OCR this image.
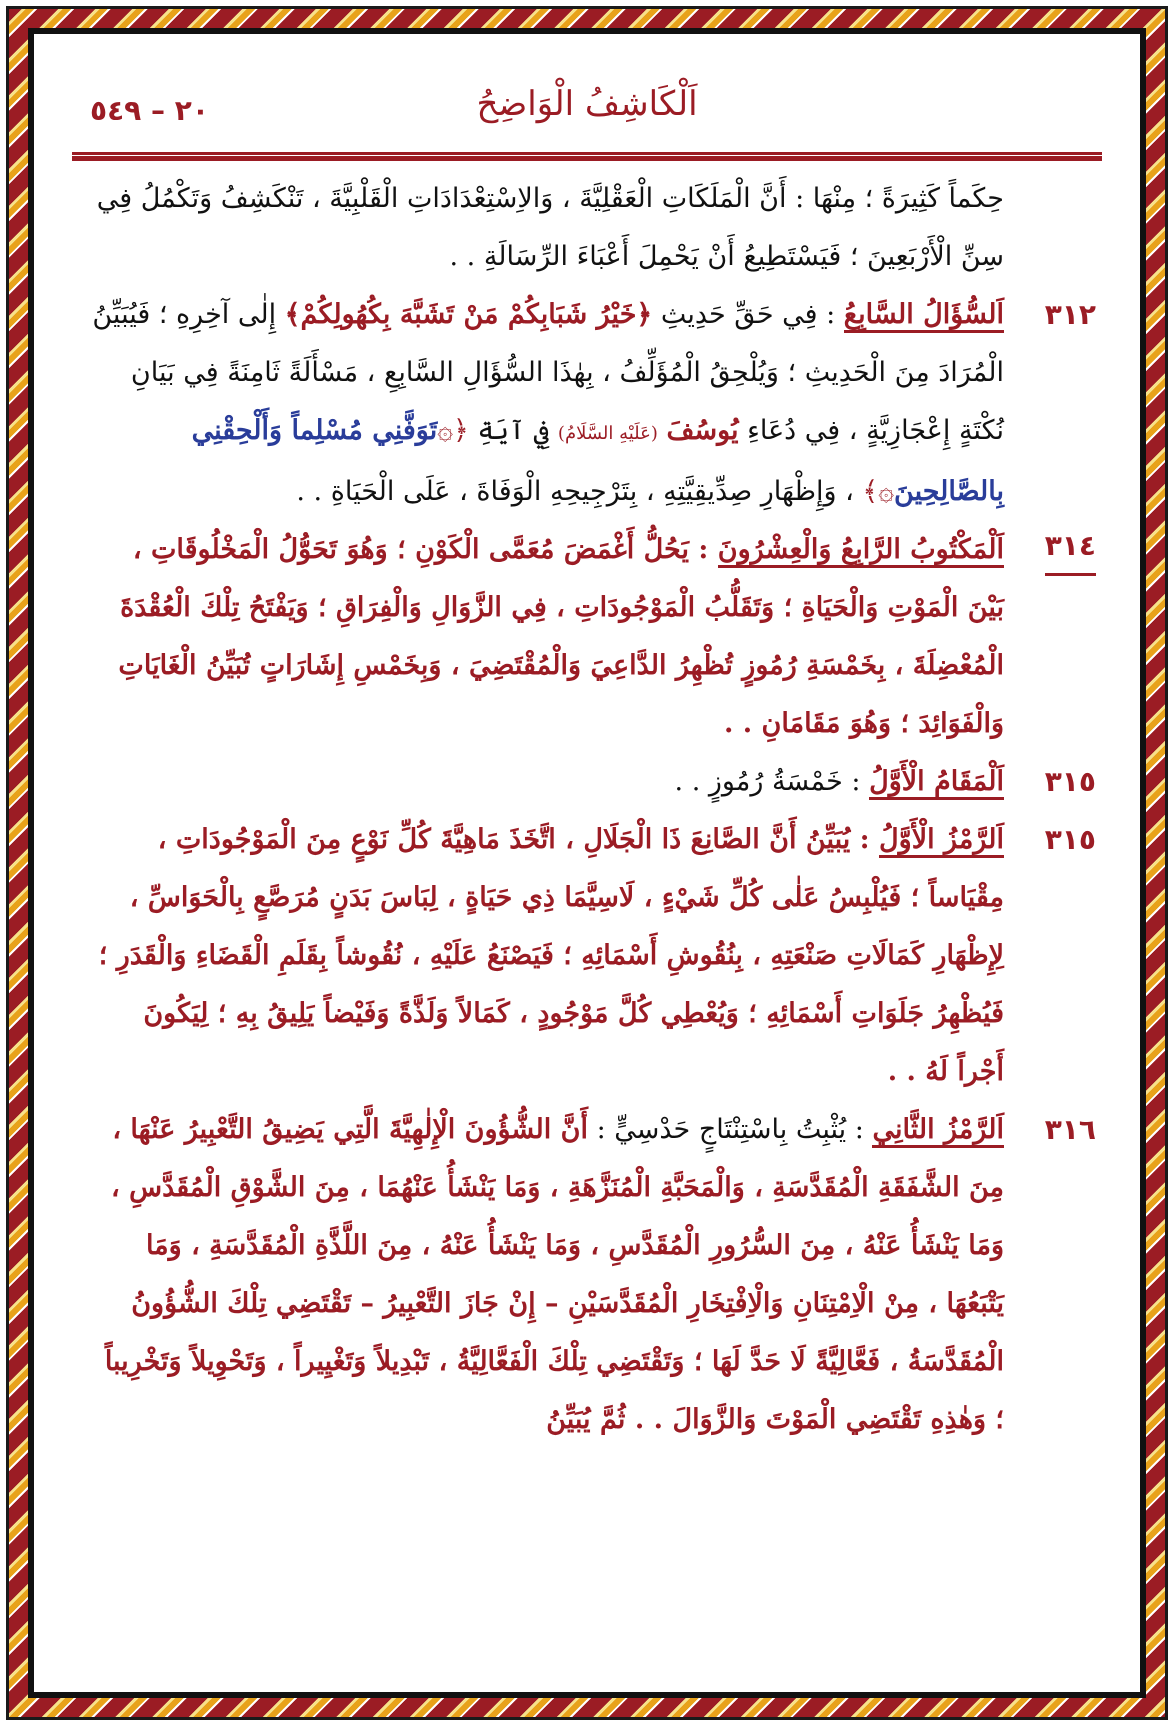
اَلْكَاشِفُ الْوَاضِحُ
٢٠ – ٥٤٩

حِكَماً كَثِيرَةً ؛ مِنْهَا : أَنَّ الْمَلَكَاتِ الْعَقْلِيَّةَ ، وَالاِسْتِعْدَادَاتِ الْقَلْبِيَّةَ ، تَنْكَشِفُ وَتَكْمُلُ فِي سِنِّ الْأَرْبَعِينَ ؛ فَيَسْتَطِيعُ أَنْ يَحْمِلَ أَعْبَاءَ الرِّسَالَةِ . .

٣١٢
اَلسُّؤَالُ السَّابِعُ : فِي حَقِّ حَدِيثِ ﴿خَيْرُ شَبَابِكُمْ مَنْ تَشَبَّهَ بِكُهُولِكُمْ﴾ إِلٰى آخِرِهِ ؛ فَيُبَيِّنُ الْمُرَادَ مِنَ الْحَدِيثِ ؛ وَيُلْحِقُ الْمُؤَلِّفُ ، بِهٰذَا السُّؤَالِ السَّابِعِ ، مَسْأَلَةً ثَامِنَةً فِي بَيَانِ نُكْتَةٍ إِعْجَازِيَّةٍ ، فِي دُعَاءِ يُوسُفَ (عَلَيْهِ السَّلَامُ) فِي آيَةِ ﴿۞تَوَفَّنِي مُسْلِماً وَأَلْحِقْنِي بِالصَّالِحِينَ۞﴾ ، وَإِظْهَارِ صِدِّيقِيَّتِهِ ، بِتَرْجِيحِهِ الْوَفَاةَ ، عَلَى الْحَيَاةِ . .

٣١٤
اَلْمَكْتُوبُ الرَّابِعُ وَالْعِشْرُونَ : يَحُلُّ أَغْمَضَ مُعَمَّى الْكَوْنِ ؛ وَهُوَ تَحَوُّلُ الْمَخْلُوقَاتِ ، بَيْنَ الْمَوْتِ وَالْحَيَاةِ ؛ وَتَقَلُّبُ الْمَوْجُودَاتِ ، فِي الزَّوَالِ وَالْفِرَاقِ ؛ وَيَفْتَحُ تِلْكَ الْعُقْدَةَ الْمُعْضِلَةَ ، بِخَمْسَةِ رُمُوزٍ تُظْهِرُ الدَّاعِيَ وَالْمُقْتَضِيَ ، وَبِخَمْسِ إِشَارَاتٍ تُبَيِّنُ الْغَايَاتِ وَالْفَوَائِدَ ؛ وَهُوَ مَقَامَانِ . .

٣١٥
اَلْمَقَامُ الْأَوَّلُ : خَمْسَةُ رُمُوزٍ . .

٣١٥
اَلرَّمْزُ الْأَوَّلُ : يُبَيِّنُ أَنَّ الصَّانِعَ ذَا الْجَلَالِ ، اتَّخَذَ مَاهِيَّةَ كُلِّ نَوْعٍ مِنَ الْمَوْجُودَاتِ ، مِقْيَاساً ؛ فَيُلْبِسُ عَلٰى كُلِّ شَيْءٍ ، لَاسِيَّمَا ذِي حَيَاةٍ ، لِبَاسَ بَدَنٍ مُرَصَّعٍ بِالْحَوَاسِّ ، لِإِظْهَارِ كَمَالَاتِ صَنْعَتِهِ ، بِنُقُوشِ أَسْمَائِهِ ؛ فَيَصْنَعُ عَلَيْهِ ، نُقُوشاً بِقَلَمِ الْقَضَاءِ وَالْقَدَرِ ؛ فَيُظْهِرُ جَلَوَاتِ أَسْمَائِهِ ؛ وَيُعْطِي كُلَّ مَوْجُودٍ ، كَمَالاً وَلَذَّةً وَفَيْضاً يَلِيقُ بِهِ ؛ لِيَكُونَ أَجْراً لَهُ . .

٣١٦
اَلرَّمْزُ الثَّانِي : يُثْبِتُ بِاسْتِنْتَاجٍ حَدْسِيٍّ : أَنَّ الشُّؤُونَ الْإِلٰهِيَّةَ الَّتِي يَضِيقُ التَّعْبِيرُ عَنْهَا ، مِنَ الشَّفَقَةِ الْمُقَدَّسَةِ ، وَالْمَحَبَّةِ الْمُنَزَّهَةِ ، وَمَا يَنْشَأُ عَنْهُمَا ، مِنَ الشَّوْقِ الْمُقَدَّسِ ، وَمَا يَنْشَأُ عَنْهُ ، مِنَ السُّرُورِ الْمُقَدَّسِ ، وَمَا يَنْشَأُ عَنْهُ ، مِنَ اللَّذَّةِ الْمُقَدَّسَةِ ، وَمَا يَتْبَعُهَا ، مِنْ الْاِمْتِنَانِ وَالْاِفْتِخَارِ الْمُقَدَّسَيْنِ – إِنْ جَازَ التَّعْبِيرُ – تَقْتَضِي تِلْكَ الشُّؤُونُ الْمُقَدَّسَةُ ، فَعَّالِيَّةً لَا حَدَّ لَهَا ؛ وَتَقْتَضِي تِلْكَ الْفَعَّالِيَّةُ ، تَبْدِيلاً وَتَغْيِيراً ، وَتَحْوِيلاً وَتَخْرِيباً ؛ وَهٰذِهِ تَقْتَضِي الْمَوْتَ وَالزَّوَالَ . . ثُمَّ يُبَيِّنُ
